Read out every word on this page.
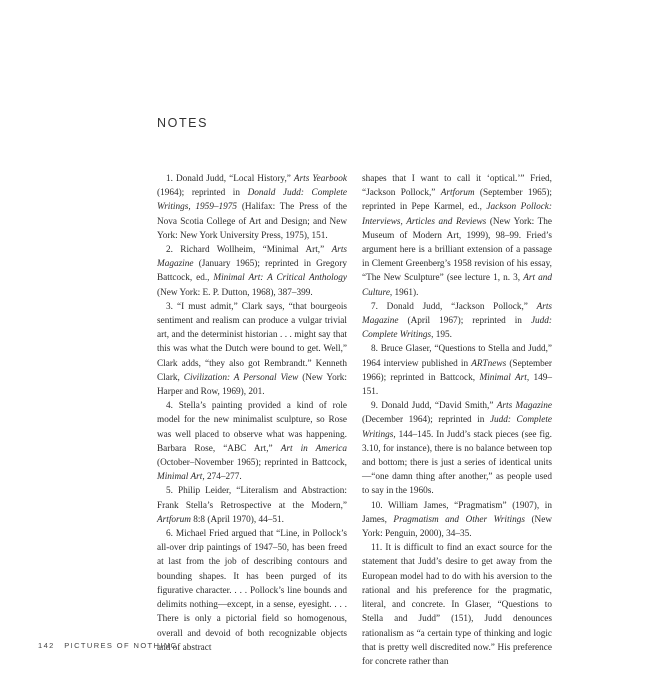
NOTES

1. Donald Judd, “Local History,” Arts Yearbook (1964); reprinted in Donald Judd: Complete Writings, 1959–1975 (Halifax: The Press of the Nova Scotia College of Art and Design; and New York: New York University Press, 1975), 151.

2. Richard Wollheim, “Minimal Art,” Arts Magazine (January 1965); reprinted in Gregory Battcock, ed., Minimal Art: A Critical Anthology (New York: E. P. Dutton, 1968), 387–399.

3. “I must admit,” Clark says, “that bourgeois sentiment and realism can produce a vulgar trivial art, and the determinist historian . . . might say that this was what the Dutch were bound to get. Well,” Clark adds, “they also got Rembrandt.” Kenneth Clark, Civilization: A Personal View (New York: Harper and Row, 1969), 201.

4. Stella’s painting provided a kind of role model for the new minimalist sculpture, so Rose was well placed to observe what was happening. Barbara Rose, “ABC Art,” Art in America (October–November 1965); reprinted in Battcock, Minimal Art, 274–277.

5. Philip Leider, “Literalism and Abstraction: Frank Stella’s Retrospective at the Modern,” Artforum 8:8 (April 1970), 44–51.

6. Michael Fried argued that “Line, in Pollock’s all-over drip paintings of 1947–50, has been freed at last from the job of describing contours and bounding shapes. It has been purged of its figurative character. . . . Pollock’s line bounds and delimits nothing—except, in a sense, eyesight. . . . There is only a pictorial field so homogenous, overall and devoid of both recognizable objects and of abstract

shapes that I want to call it ‘optical.’” Fried, “Jackson Pollock,” Artforum (September 1965); reprinted in Pepe Karmel, ed., Jackson Pollock: Interviews, Articles and Reviews (New York: The Museum of Modern Art, 1999), 98–99. Fried’s argument here is a brilliant extension of a passage in Clement Greenberg’s 1958 revision of his essay, “The New Sculpture” (see lecture 1, n. 3, Art and Culture, 1961).

7. Donald Judd, “Jackson Pollock,” Arts Magazine (April 1967); reprinted in Judd: Complete Writings, 195.

8. Bruce Glaser, “Questions to Stella and Judd,” 1964 interview published in ARTnews (September 1966); reprinted in Battcock, Minimal Art, 149–151.

9. Donald Judd, “David Smith,” Arts Magazine (December 1964); reprinted in Judd: Complete Writings, 144–145. In Judd’s stack pieces (see fig. 3.10, for instance), there is no balance between top and bottom; there is just a series of identical units—“one damn thing after another,” as people used to say in the 1960s.

10. William James, “Pragmatism” (1907), in James, Pragmatism and Other Writings (New York: Penguin, 2000), 34–35.

11. It is difficult to find an exact source for the statement that Judd’s desire to get away from the European model had to do with his aversion to the rational and his preference for the pragmatic, literal, and concrete. In Glaser, “Questions to Stella and Judd” (151), Judd denounces rationalism as “a certain type of thinking and logic that is pretty well discredited now.” His preference for concrete rather than

142 PICTURES OF NOTHING
